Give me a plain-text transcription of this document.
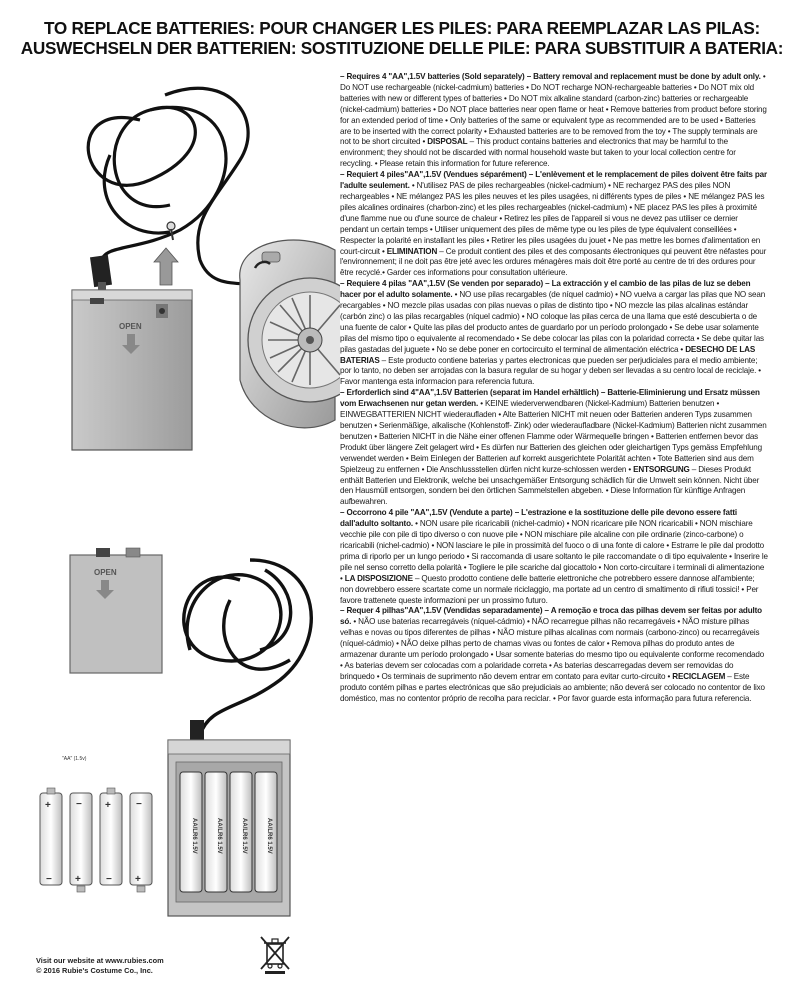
TO REPLACE BATTERIES: POUR CHANGER LES PILES: PARA REEMPLAZAR LAS PILAS:
AUSWECHSELN DER BATTERIEN: SOSTITUZIONE DELLE PILE: PARA SUBSTITUIR A BATERIA:
OPEN
OPEN
AA/LR6 1.5V	AA/LR6 1.5V	AA/LR6 1.5V	AA/LR6 1.5V
"AA" (1.5v)
+
−
−
+
+
−
−
+

– Requires 4 "AA",1.5V batteries (Sold separately) – Battery removal and replacement must be done by adult only. • Do NOT use rechargeable (nickel-cadmium) batteries • Do NOT recharge NON-rechargeable batteries • Do NOT mix old batteries with new or different types of batteries • Do NOT mix alkaline standard (carbon-zinc) batteries or rechargeable (nickel-cadmium) batteries • Do NOT place batteries near open flame or heat • Remove batteries from product before storing for an extended period of time • Only batteries of the same or equivalent type as recommended are to be used • Batteries are to be inserted with the correct polarity • Exhausted batteries are to be removed from the toy • The supply terminals are not to be short circuited • DISPOSAL – This product contains batteries and electronics that may be harmful to the environment; they should not be discarded with normal household waste but taken to your local collection centre for recycling. • Please retain this information for future reference.

– Requiert 4 piles"AA",1.5V (Vendues séparément) – L'enlèvement et le remplacement de piles doivent être faits par l'adulte seulement. • N'utilisez PAS de piles rechargeables (nickel-cadmium) • NE rechargez PAS des piles NON rechargeables • NE mélangez PAS les piles neuves et les piles usagées, ni différents types de piles • NE mélangez PAS les piles alcalines ordinaires (charbon-zinc) et les piles rechargeables (nickel-cadmium) • NE placez PAS les piles à proximité d'une flamme nue ou d'une source de chaleur • Retirez les piles de l'appareil si vous ne devez pas utiliser ce dernier pendant un certain temps • Utiliser uniquement des piles de même type ou les piles de type équivalent conseillées • Respecter la polarité en installant les piles • Retirer les piles usagées du jouet • Ne pas mettre les bornes d'alimentation en court-circuit • ELIMINATION – Ce produit contient des piles et des composants électroniques qui peuvent être néfastes pour l'environnement; il ne doit pas être jeté avec les ordures ménagères mais doit être porté au centre de tri des ordures pour être recyclé.• Garder ces informations pour consultation ultérieure.

– Requiere 4 pilas "AA",1.5V (Se venden por separado) – La extracción y el cambio de las pilas de luz se deben hacer por el adulto solamente. • NO use pilas recargables (de níquel cadmio) • NO vuelva a cargar las pilas que NO sean recargables • NO mezcle pilas usadas con pilas nuevas o pilas de distinto tipo • NO mezcle las pilas alcalinas estándar (carbón zinc) o las pilas recargables (níquel cadmio) • NO coloque las pilas cerca de una llama que esté descubierta o de una fuente de calor • Quite las pilas del producto antes de guardarlo por un período prolongado • Se debe usar solamente pilas del mismo tipo o equivalente al recomendado • Se debe colocar las pilas con la polaridad correcta • Se debe quitar las pilas gastadas del juguete • No se debe poner en cortocircuito el terminal de alimentación eléctrica • DESECHO DE LAS BATERIAS – Este producto contiene baterias y partes electronicas que pueden ser perjudiciales para el medio ambiente; por lo tanto, no deben ser arrojadas con la basura regular de su hogar y deben ser llevadas a su centro local de reciclaje. • Favor mantenga esta informacion para referencia futura.

– Erforderlich sind 4"AA",1.5V Batterien (separat im Handel erhältlich) – Batterie-Eliminierung und Ersatz müssen vom Erwachsenen nur getan werden. • KEINE wiederverwendbaren (Nickel-Kadmium) Batterien benutzen • EINWEGBATTERIEN NICHT wiederaufladen • Alte Batterien NICHT mit neuen oder Batterien anderen Typs zusammen benutzen • Serienmäßige, alkalische (Kohlenstoff- Zink) oder wiederaufladbare (Nickel-Kadmium) Batterien nicht zusammen benutzen • Batterien NICHT in die Nähe einer offenen Flamme oder Wärmequelle bringen • Batterien entfernen bevor das Produkt über längere Zeit gelagert wird • Es dürfen nur Batterien des gleichen oder gleichartigen Typs gemäss Empfehlung verwendet werden • Beim Einlegen der Batterien auf korrekt ausgerichtete Polarität achten • Tote Batterien sind aus dem Spielzeug zu entfernen • Die Anschlussstellen dürfen nicht kurze-schlossen werden • ENTSORGUNG – Dieses Produkt enthält Batterien und Elektronik, welche bei unsachgemäßer Entsorgung schädlich für die Umwelt sein können. Nicht über den Hausmüll entsorgen, sondern bei den örtlichen Sammelstellen abgeben. • Diese Information für künftige Anfragen aufbewahren.

– Occorrono 4 pile "AA",1.5V (Vendute a parte) – L'estrazione e la sostituzione delle pile devono essere fatti dall'adulto soltanto. • NON usare pile ricaricabili (nichel-cadmio) • NON ricaricare pile NON ricaricabili • NON mischiare vecchie pile con pile di tipo diverso o con nuove pile • NON mischiare pile alcaline con pile ordinarie (zinco-carbone) o ricaricabili (nichel-cadmio) • NON lasciare le pile in prossimità del fuoco o di una fonte di calore • Estrarre le pile dal prodotto prima di riporlo per un lungo periodo • Si raccomanda di usare soltanto le pile raccomandate o di tipo equivalente • Inserire le pile nel senso corretto della polarità • Togliere le pile scariche dal giocattolo • Non corto-circuitare i terminali di alimentazione • LA DISPOSIZIONE – Questo prodotto contiene delle batterie elettroniche che potrebbero essere dannose all'ambiente; non dovrebbero essere scartate come un normale riciclaggio, ma portate ad un centro di smaltimento di rifiuti tossici! • Per favore trattenete queste informazioni per un prossimo futuro.

– Requer 4 pilhas"AA",1.5V (Vendidas separadamente) – A remoção e troca das pilhas devem ser feitas por adulto só. • NÃO use baterias recarregáveis (níquel-cádmio) • NÃO recarregue pilhas não recarregáveis • NÃO misture pilhas velhas e novas ou tipos diferentes de pilhas • NÃO misture pilhas alcalinas com normais (carbono-zinco) ou recarregáveis (níquel-cádmio) • NÃO deixe pilhas perto de chamas vivas ou fontes de calor • Remova pilhas do produto antes de armazenar durante um período prolongado • Usar somente baterias do mesmo tipo ou equivalente conforme recomendado • As baterias devem ser colocadas com a polaridade correta • As baterias descarregadas devem ser removidas do brinquedo • Os terminais de suprimento não devem entrar em contato para evitar curto-circuito • RECICLAGEM – Este produto contém pilhas e partes electrónicas que são prejudiciais ao ambiente; não deverá ser colocado no contentor de lixo doméstico, mas no contentor próprio de recolha para reciclar. • Por favor guarde esta informação para futura referencia.

Visit our website at www.rubies.com
© 2016 Rubie's Costume Co., Inc.
